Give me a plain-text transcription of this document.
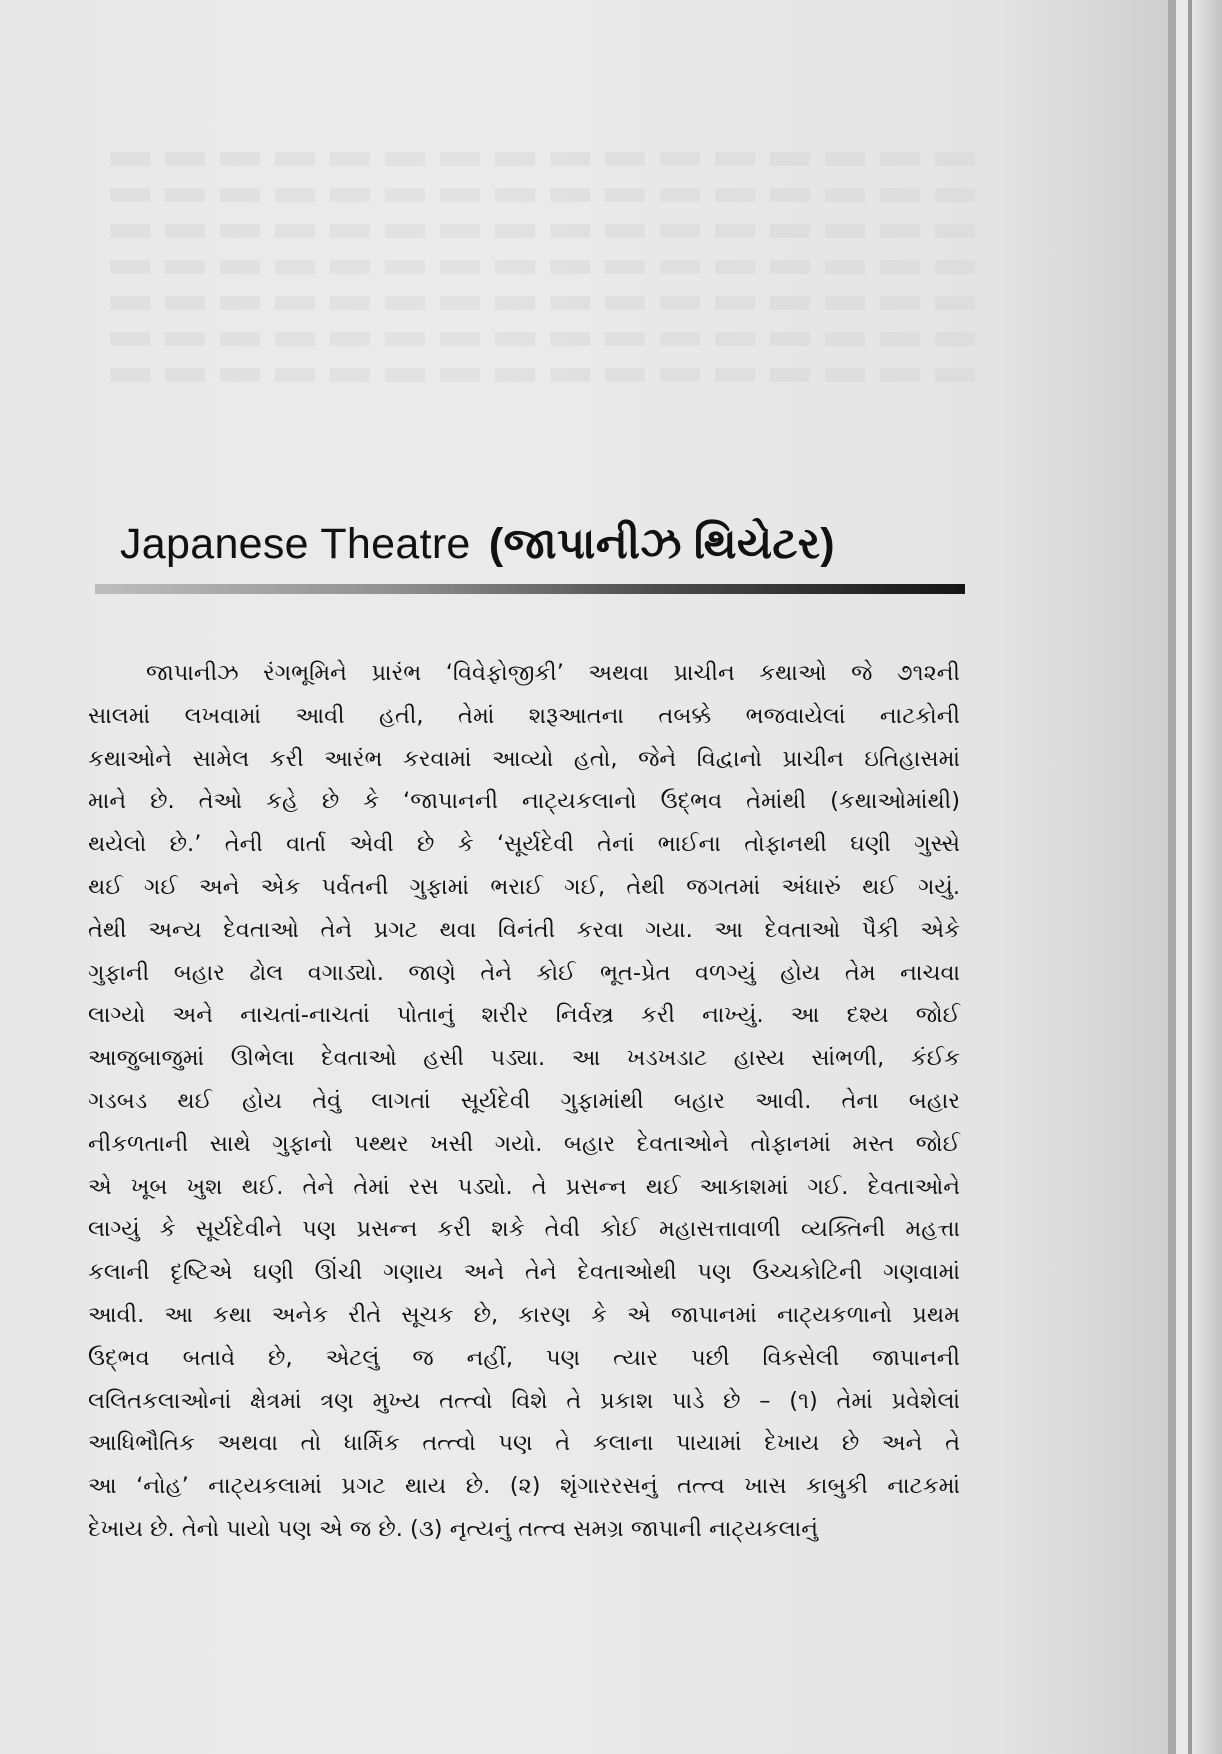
Japanese Theatre (જાપાનીઝ થિયેટર)
જાપાનીઝ રંગભૂમિને પ્રારંભ ‘વિવેફોજીકી’ અથવા પ્રાચીન કથાઓ જે ૭૧૨ની
સાલમાં લખવામાં આવી હતી, તેમાં શરૂઆતના તબક્કે ભજવાયેલાં નાટકોની
કથાઓને સામેલ કરી આરંભ કરવામાં આવ્યો હતો, જેને વિદ્વાનો પ્રાચીન ઇતિહાસમાં
માને છે. તેઓ કહે છે કે ‘જાપાનની નાટ્યકલાનો ઉદ્ભવ તેમાંથી (કથાઓમાંથી)
થયેલો છે.’ તેની વાર્તા એવી છે કે ‘સૂર્યદેવી તેનાં ભાઈના તોફાનથી ઘણી ગુસ્સે
થઈ ગઈ અને એક પર્વતની ગુફામાં ભરાઈ ગઈ, તેથી જગતમાં અંધારું થઈ ગયું.
તેથી અન્ય દેવતાઓ તેને પ્રગટ થવા વિનંતી કરવા ગયા. આ દેવતાઓ પૈકી એકે
ગુફાની બહાર ઢોલ વગાડ્યો. જાણે તેને કોઈ ભૂત-પ્રેત વળગ્યું હોય તેમ નાચવા
લાગ્યો અને નાચતાં-નાચતાં પોતાનું શરીર નિર્વસ્ત્ર કરી નાખ્યું. આ દશ્ય જોઈ
આજુબાજુમાં ઊભેલા દેવતાઓ હસી પડ્યા. આ ખડખડાટ હાસ્ય સાંભળી, કંઈક
ગડબડ થઈ હોય તેવું લાગતાં સૂર્યદેવી ગુફામાંથી બહાર આવી. તેના બહાર
નીકળતાની સાથે ગુફાનો પથ્થર ખસી ગયો. બહાર દેવતાઓને તોફાનમાં મસ્ત જોઈ
એ ખૂબ ખુશ થઈ. તેને તેમાં રસ પડ્યો. તે પ્રસન્ન થઈ આકાશમાં ગઈ. દેવતાઓને
લાગ્યું કે સૂર્યદેવીને પણ પ્રસન્ન કરી શકે તેવી કોઈ મહાસત્તાવાળી વ્યક્તિની મહત્તા
કલાની દૃષ્ટિએ ઘણી ઊંચી ગણાય અને તેને દેવતાઓથી પણ ઉચ્ચકોટિની ગણવામાં
આવી. આ કથા અનેક રીતે સૂચક છે, કારણ કે એ જાપાનમાં નાટ્યકળાનો પ્રથમ
ઉદ્ભવ બતાવે છે, એટલું જ નહીં, પણ ત્યાર પછી વિકસેલી જાપાનની
લલિતકલાઓનાં ક્ષેત્રમાં ત્રણ મુખ્ય તત્ત્વો વિશે તે પ્રકાશ પાડે છે – (૧) તેમાં પ્રવેશેલાં
આધિભૌતિક અથવા તો ધાર્મિક તત્ત્વો પણ તે કલાના પાયામાં દેખાય છે અને તે
આ ‘નોહ’ નાટ્યકલામાં પ્રગટ થાય છે. (૨) શૃંગારરસનું તત્ત્વ ખાસ કાબુકી નાટકમાં
દેખાય છે. તેનો પાયો પણ એ જ છે. (૩) નૃત્યનું તત્ત્વ સમગ્ર જાપાની નાટ્યકલાનું
